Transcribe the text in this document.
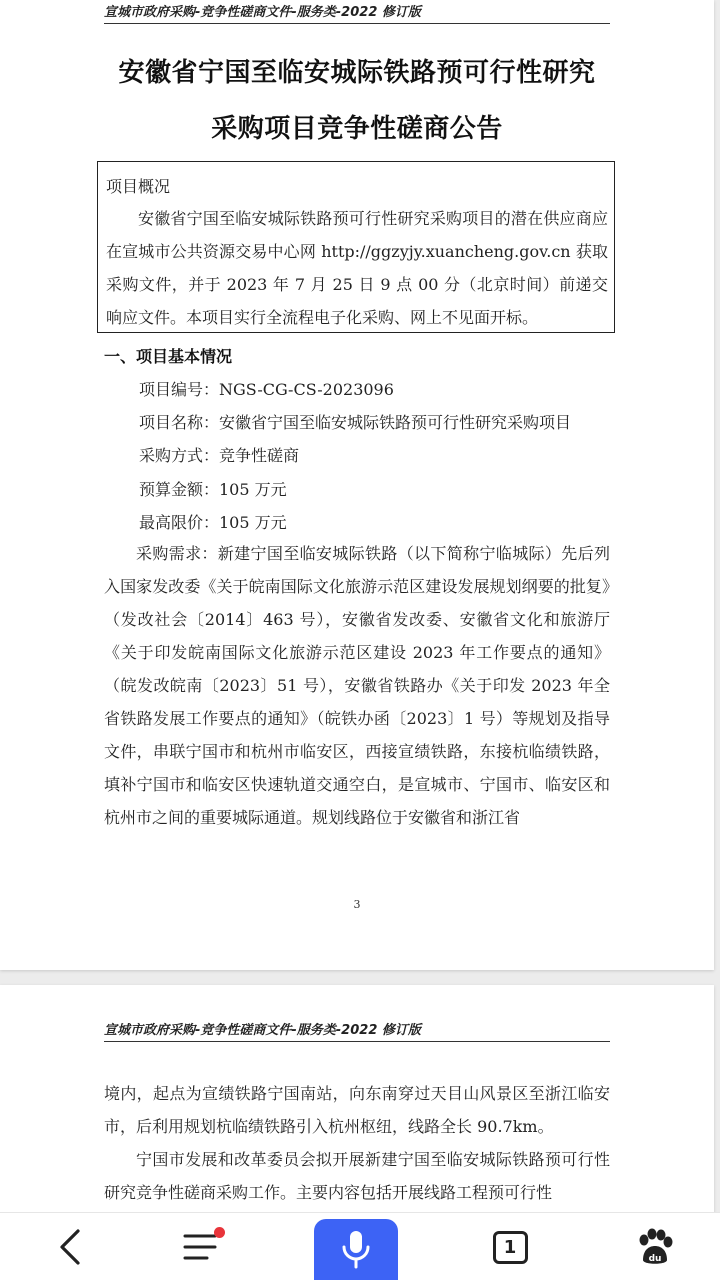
宣城市政府采购-竞争性磋商文件-服务类-2022 修订版
安徽省宁国至临安城际铁路预可行性研究
采购项目竞争性磋商公告
项目概况
安徽省宁国至临安城际铁路预可行性研究采购项目的潜在供应商应在宣城市公共资源交易中心网 http://ggzyjy.xuancheng.gov.cn 获取采购文件，并于 2023 年 7 月 25 日 9 点 00 分（北京时间）前递交响应文件。本项目实行全流程电子化采购、网上不见面开标。
一、项目基本情况
项目编号：NGS-CG-CS-2023096
项目名称：安徽省宁国至临安城际铁路预可行性研究采购项目
采购方式：竞争性磋商
预算金额：105 万元
最高限价：105 万元
采购需求：新建宁国至临安城际铁路（以下简称宁临城际）先后列入国家发改委《关于皖南国际文化旅游示范区建设发展规划纲要的批复》（发改社会〔2014〕463 号），安徽省发改委、安徽省文化和旅游厅《关于印发皖南国际文化旅游示范区建设 2023 年工作要点的通知》（皖发改皖南〔2023〕51 号），安徽省铁路办《关于印发 2023 年全省铁路发展工作要点的通知》（皖铁办函〔2023〕1 号）等规划及指导文件，串联宁国市和杭州市临安区，西接宣绩铁路，东接杭临绩铁路，填补宁国市和临安区快速轨道交通空白，是宣城市、宁国市、临安区和杭州市之间的重要城际通道。规划线路位于安徽省和浙江省
3
宣城市政府采购-竞争性磋商文件-服务类-2022 修订版
境内，起点为宣绩铁路宁国南站，向东南穿过天目山风景区至浙江临安市，后利用规划杭临绩铁路引入杭州枢纽，线路全长 90.7km。
宁国市发展和改革委员会拟开展新建宁国至临安城际铁路预可行性研究竞争性磋商采购工作。主要内容包括开展线路工程预可行性
1
du
